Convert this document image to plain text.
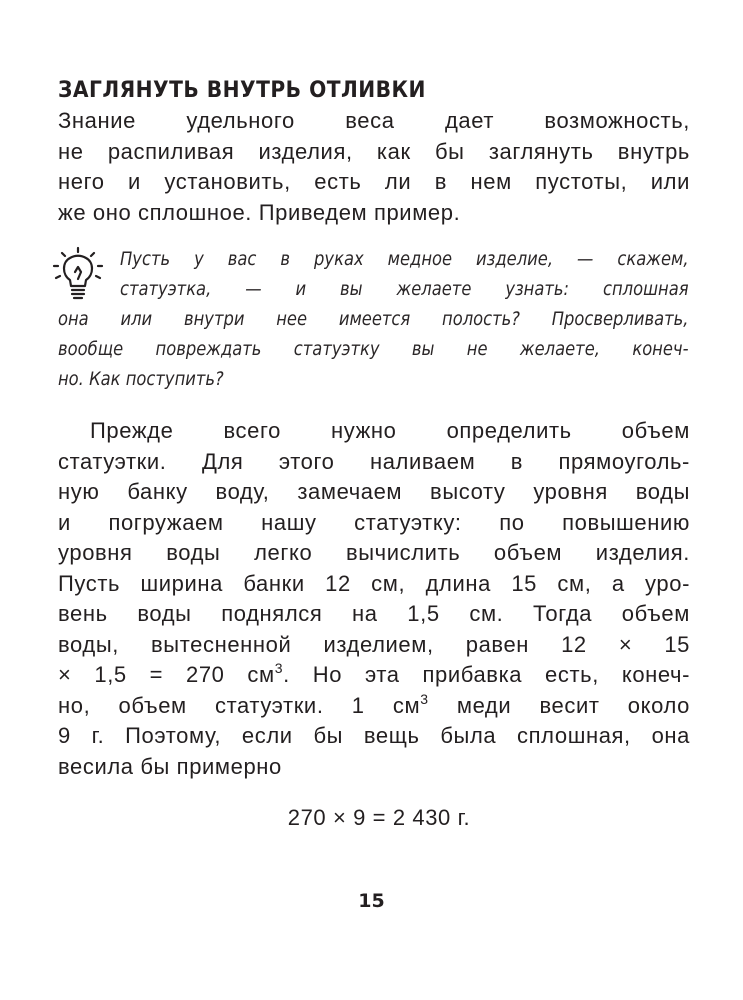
ЗАГЛЯНУТЬ ВНУТРЬ ОТЛИВКИ

Знание удельного веса дает возможность,
не распиливая изделия, как бы заглянуть внутрь
него и установить, есть ли в нем пустоты, или
же оно сплошное. Приведем пример.

Пусть у вас в руках медное изделие, — скажем,
статуэтка, — и вы желаете узнать: сплошная
она или внутри нее имеется полость? Просверливать,
вообще повреждать статуэтку вы не желаете, конеч-
но. Как поступить?

Прежде всего нужно определить объем
статуэтки. Для этого наливаем в прямоуголь-
ную банку воду, замечаем высоту уровня воды
и погружаем нашу статуэтку: по повышению
уровня воды легко вычислить объем изделия.
Пусть ширина банки 12 см, длина 15 см, а уро-
вень воды поднялся на 1,5 см. Тогда объем
воды, вытесненной изделием, равен 12 × 15
× 1,5 = 270 $см^3$. Но эта прибавка есть, конеч-
но, объем статуэтки. 1 $см^3$ меди весит около
9 г. Поэтому, если бы вещь была сплошная, она
весила бы примерно

270 × 9 = 2 430 г.
15
